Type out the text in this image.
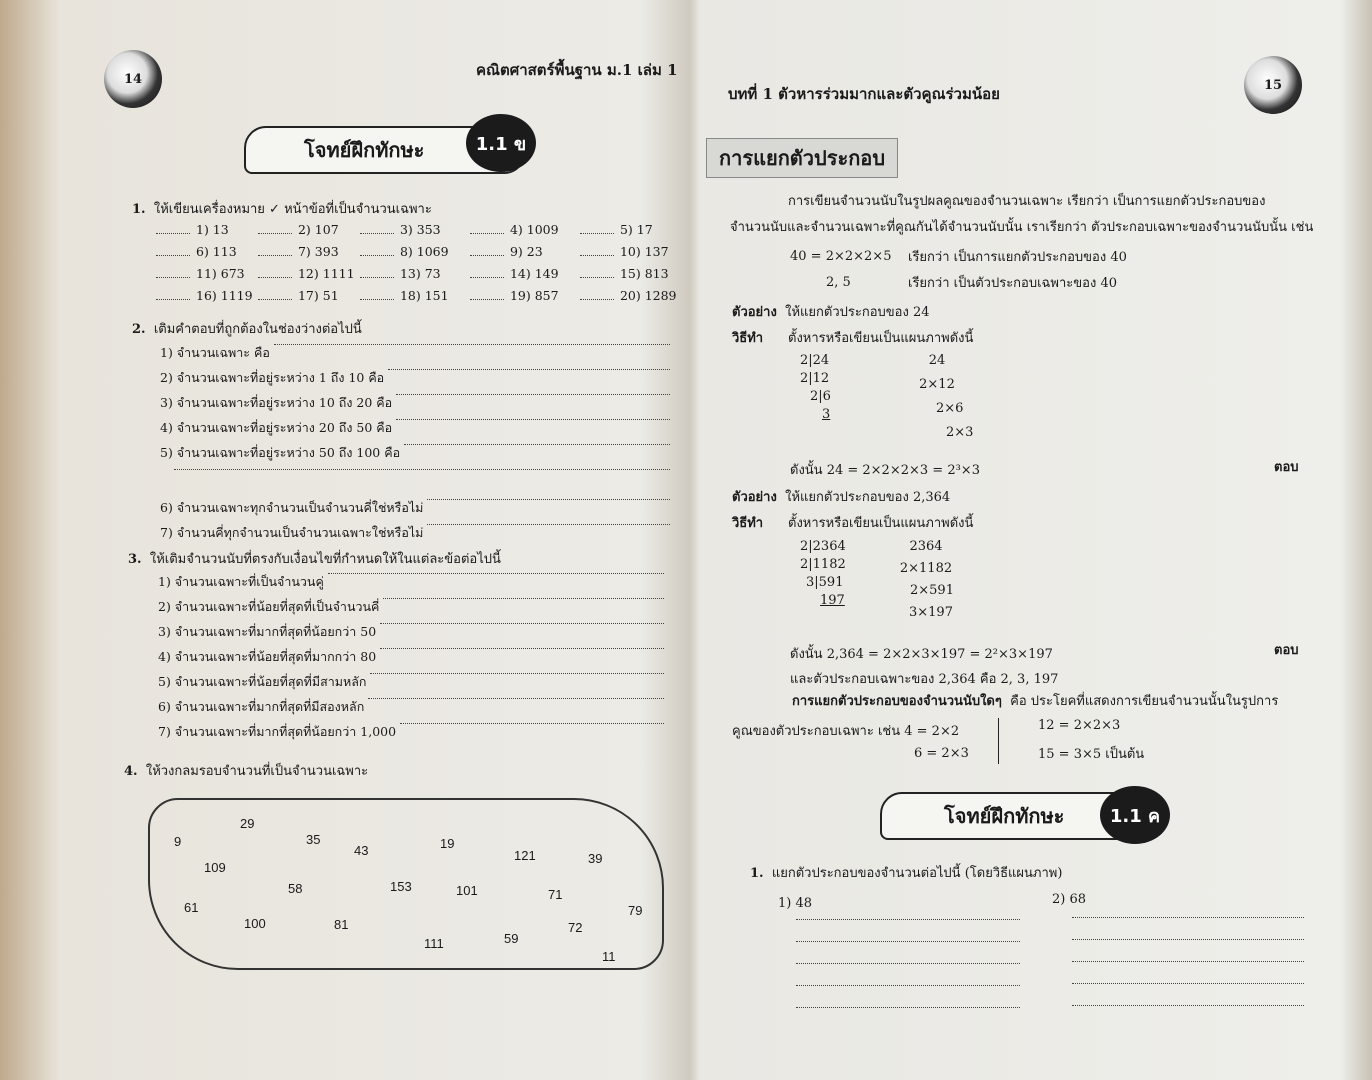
14	คณิตศาสตร์พื้นฐาน ม.1 เล่ม 1
โจทย์ฝึกทักษะ	1.1 ข
1. ให้เขียนเครื่องหมาย ✓ หน้าข้อที่เป็นจำนวนเฉพาะ
1) 13	2) 107	3) 353	4) 1009	5) 17
6) 113	7) 393	8) 1069	9) 23	10) 137
11) 673	12) 1111	13) 73	14) 149	15) 813
16) 1119	17) 51	18) 151	19) 857	20) 1289
2. เติมคำตอบที่ถูกต้องในช่องว่างต่อไปนี้
1) จำนวนเฉพาะ คือ
2) จำนวนเฉพาะที่อยู่ระหว่าง 1 ถึง 10 คือ
3) จำนวนเฉพาะที่อยู่ระหว่าง 10 ถึง 20 คือ
4) จำนวนเฉพาะที่อยู่ระหว่าง 20 ถึง 50 คือ
5) จำนวนเฉพาะที่อยู่ระหว่าง 50 ถึง 100 คือ
6) จำนวนเฉพาะทุกจำนวนเป็นจำนวนคี่ใช่หรือไม่
7) จำนวนคี่ทุกจำนวนเป็นจำนวนเฉพาะใช่หรือไม่
3. ให้เติมจำนวนนับที่ตรงกับเงื่อนไขที่กำหนดให้ในแต่ละข้อต่อไปนี้
1) จำนวนเฉพาะที่เป็นจำนวนคู่
2) จำนวนเฉพาะที่น้อยที่สุดที่เป็นจำนวนคี่
3) จำนวนเฉพาะที่มากที่สุดที่น้อยกว่า 50
4) จำนวนเฉพาะที่น้อยที่สุดที่มากกว่า 80
5) จำนวนเฉพาะที่น้อยที่สุดที่มีสามหลัก
6) จำนวนเฉพาะที่มากที่สุดที่มีสองหลัก
7) จำนวนเฉพาะที่มากที่สุดที่น้อยกว่า 1,000
4. ให้วงกลมรอบจำนวนที่เป็นจำนวนเฉพาะ
9
29
35
43	19
121	39
109
58	153	101	71
61
100	81
111	59
72
79
11
บทที่ 1 ตัวหารร่วมมากและตัวคูณร่วมน้อย	15
การแยกตัวประกอบ
การเขียนจำนวนนับในรูปผลคูณของจำนวนเฉพาะ เรียกว่า เป็นการแยกตัวประกอบของ
จำนวนนับและจำนวนเฉพาะที่คูณกันได้จำนวนนับนั้น เราเรียกว่า ตัวประกอบเฉพาะของจำนวนนับนั้น เช่น
40 = 2×2×2×5 เรียกว่า เป็นการแยกตัวประกอบของ 40
2, 5	เรียกว่า เป็นตัวประกอบเฉพาะของ 40
ตัวอย่าง ให้แยกตัวประกอบของ 24
วิธีทำ ตั้งหารหรือเขียนเป็นแผนภาพดังนี้
2|24
2|12
2|6
3
24
2×12
2×6
2×3
ดังนั้น 24 = 2×2×2×3 = 2³×3	ตอบ
ตัวอย่าง ให้แยกตัวประกอบของ 2,364
วิธีทำ ตั้งหารหรือเขียนเป็นแผนภาพดังนี้
2|2364
2|1182
3|591
197
2364
2×1182
2×591
3×197
ดังนั้น 2,364 = 2×2×3×197 = 2²×3×197	ตอบ
และตัวประกอบเฉพาะของ 2,364 คือ 2, 3, 197
การแยกตัวประกอบของจำนวนนับใดๆ คือ ประโยคที่แสดงการเขียนจำนวนนั้นในรูปการ
คูณของตัวประกอบเฉพาะ เช่น 4 = 2×2	12 = 2×2×3
6 = 2×3	15 = 3×5 เป็นต้น
โจทย์ฝึกทักษะ	1.1 ค
1. แยกตัวประกอบของจำนวนต่อไปนี้ (โดยวิธีแผนภาพ)
1) 48	2) 68
